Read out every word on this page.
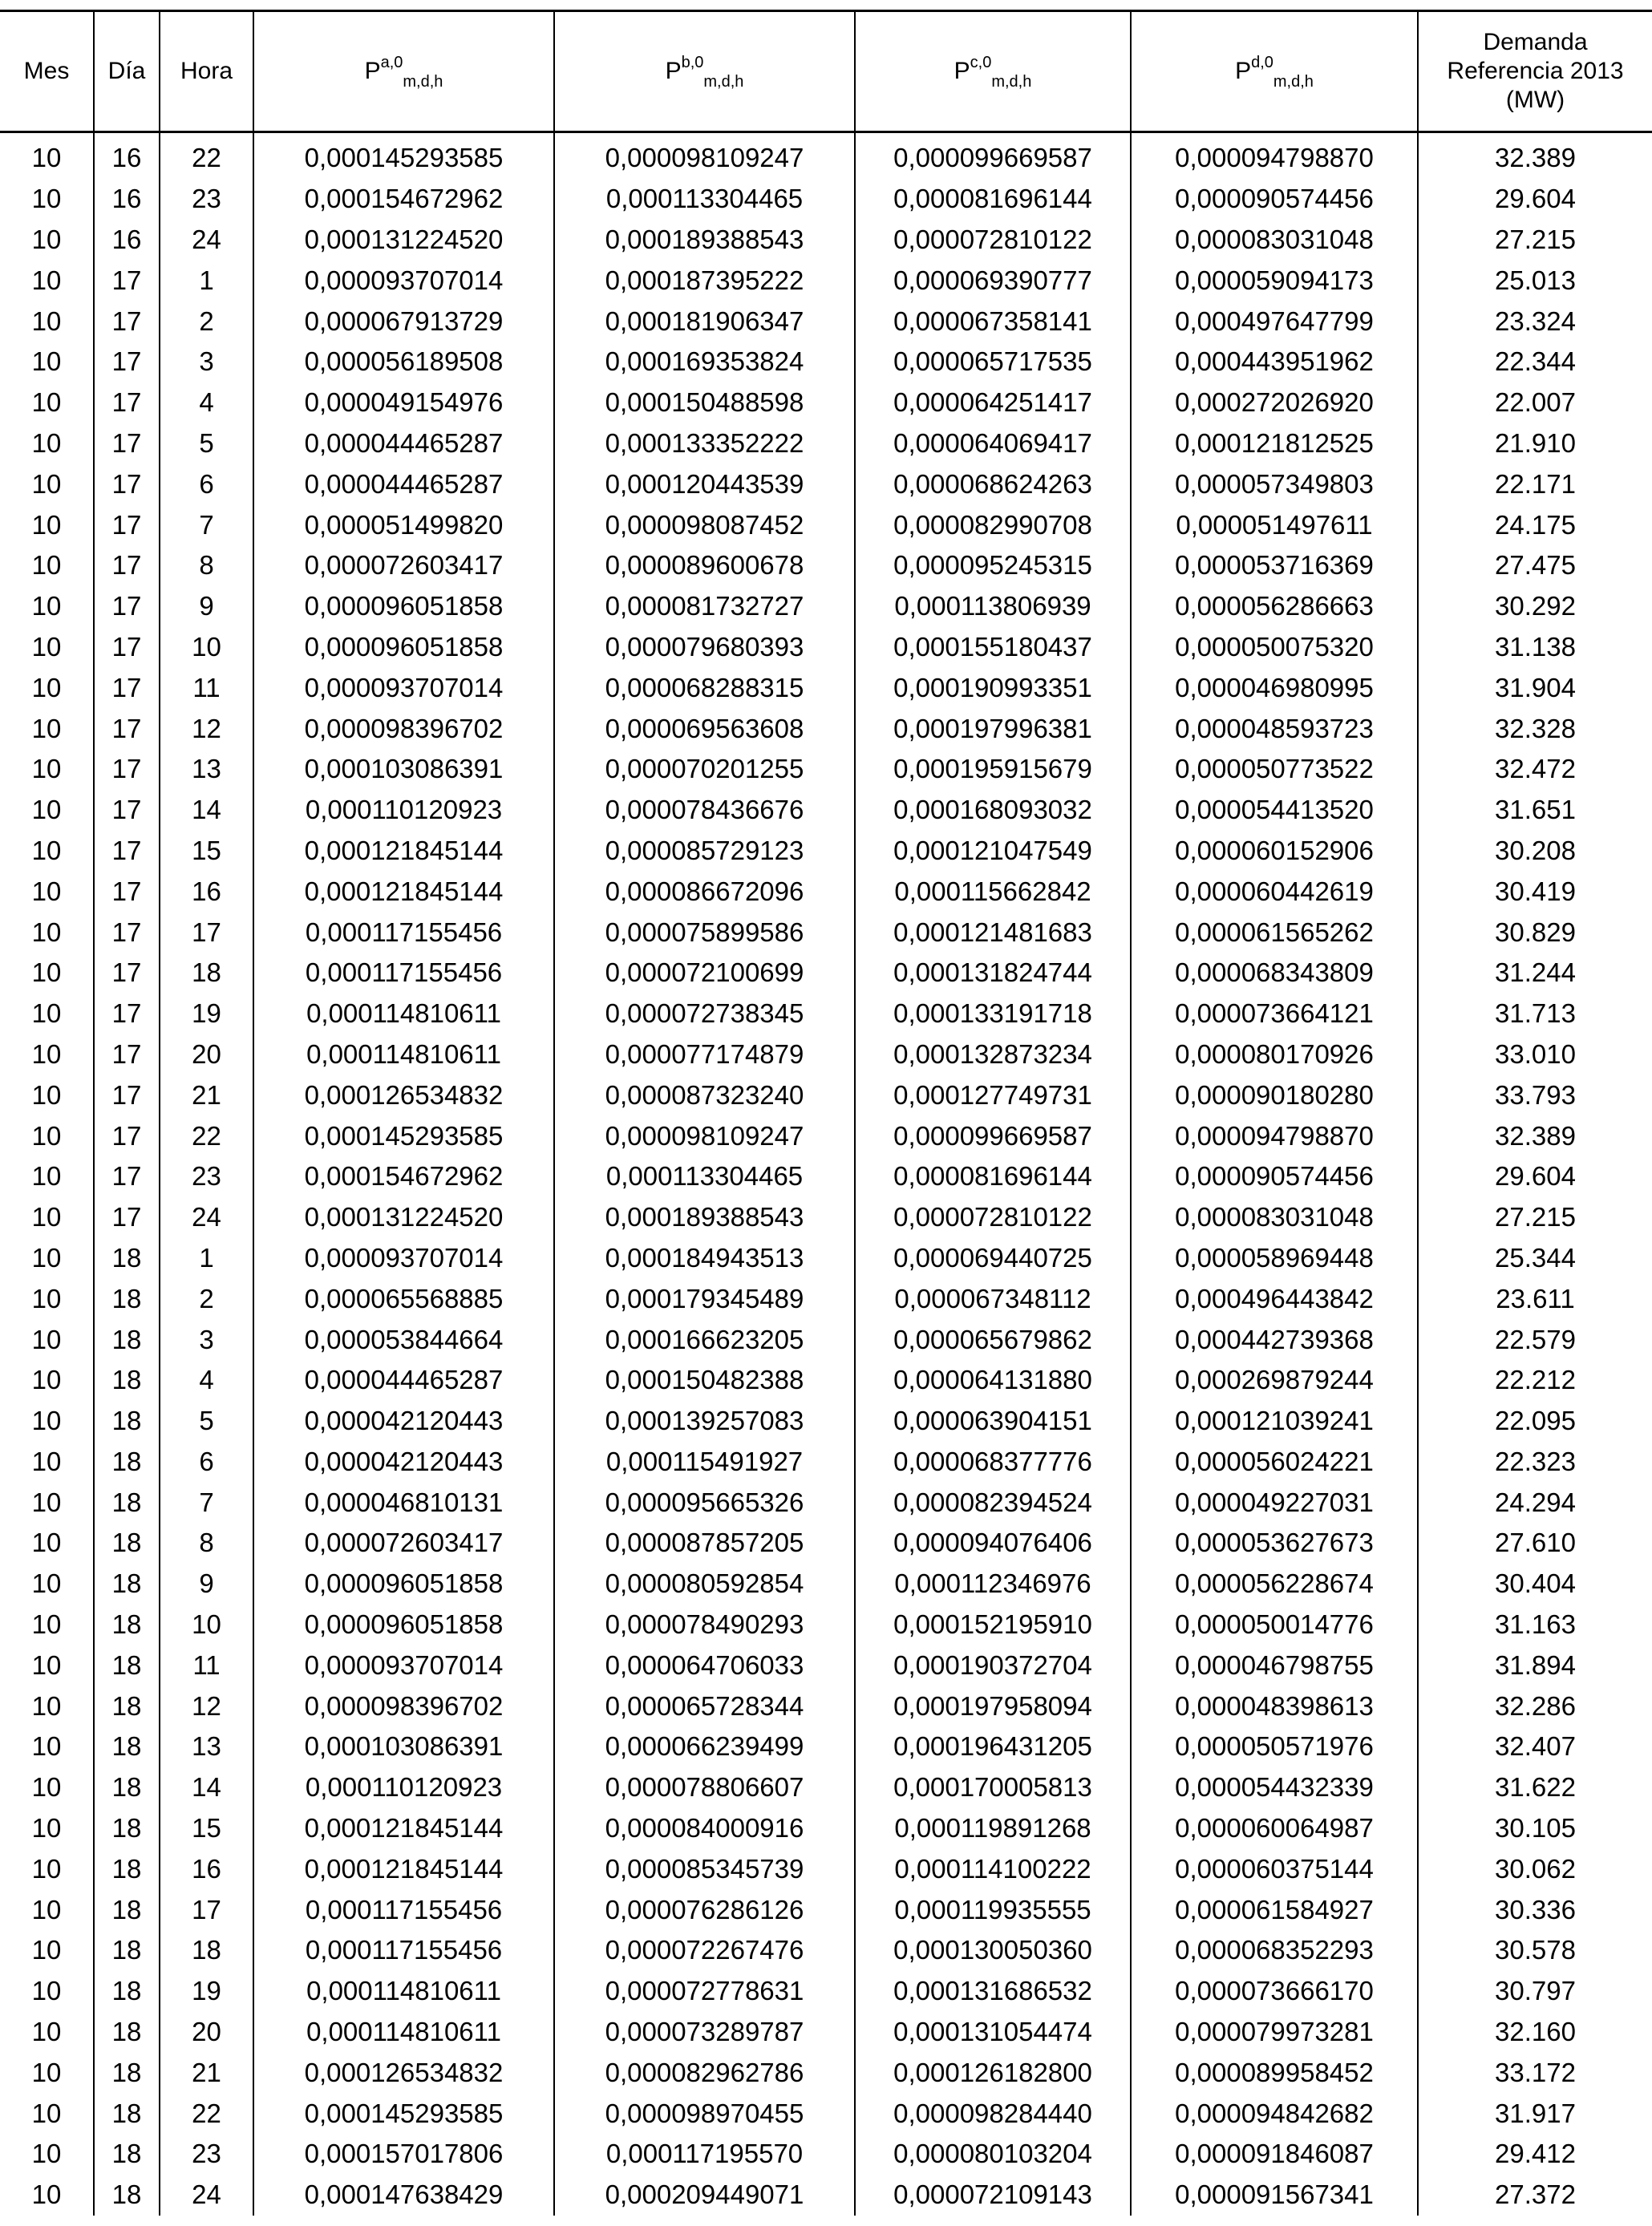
Mes	Día	Hora	P$^{a,0}_{m,d,h}$	P$^{b,0}_{m,d,h}$	P$^{c,0}_{m,d,h}$	P$^{d,0}_{m,d,h}$	Demanda
Referencia 2013
(MW)
10	16	22	0,000145293585	0,000098109247	0,000099669587	0,000094798870	32.389
10	16	23	0,000154672962	0,000113304465	0,000081696144	0,000090574456	29.604
10	16	24	0,000131224520	0,000189388543	0,000072810122	0,000083031048	27.215
10	17	1	0,000093707014	0,000187395222	0,000069390777	0,000059094173	25.013
10	17	2	0,000067913729	0,000181906347	0,000067358141	0,000497647799	23.324
10	17	3	0,000056189508	0,000169353824	0,000065717535	0,000443951962	22.344
10	17	4	0,000049154976	0,000150488598	0,000064251417	0,000272026920	22.007
10	17	5	0,000044465287	0,000133352222	0,000064069417	0,000121812525	21.910
10	17	6	0,000044465287	0,000120443539	0,000068624263	0,000057349803	22.171
10	17	7	0,000051499820	0,000098087452	0,000082990708	0,000051497611	24.175
10	17	8	0,000072603417	0,000089600678	0,000095245315	0,000053716369	27.475
10	17	9	0,000096051858	0,000081732727	0,000113806939	0,000056286663	30.292
10	17	10	0,000096051858	0,000079680393	0,000155180437	0,000050075320	31.138
10	17	11	0,000093707014	0,000068288315	0,000190993351	0,000046980995	31.904
10	17	12	0,000098396702	0,000069563608	0,000197996381	0,000048593723	32.328
10	17	13	0,000103086391	0,000070201255	0,000195915679	0,000050773522	32.472
10	17	14	0,000110120923	0,000078436676	0,000168093032	0,000054413520	31.651
10	17	15	0,000121845144	0,000085729123	0,000121047549	0,000060152906	30.208
10	17	16	0,000121845144	0,000086672096	0,000115662842	0,000060442619	30.419
10	17	17	0,000117155456	0,000075899586	0,000121481683	0,000061565262	30.829
10	17	18	0,000117155456	0,000072100699	0,000131824744	0,000068343809	31.244
10	17	19	0,000114810611	0,000072738345	0,000133191718	0,000073664121	31.713
10	17	20	0,000114810611	0,000077174879	0,000132873234	0,000080170926	33.010
10	17	21	0,000126534832	0,000087323240	0,000127749731	0,000090180280	33.793
10	17	22	0,000145293585	0,000098109247	0,000099669587	0,000094798870	32.389
10	17	23	0,000154672962	0,000113304465	0,000081696144	0,000090574456	29.604
10	17	24	0,000131224520	0,000189388543	0,000072810122	0,000083031048	27.215
10	18	1	0,000093707014	0,000184943513	0,000069440725	0,000058969448	25.344
10	18	2	0,000065568885	0,000179345489	0,000067348112	0,000496443842	23.611
10	18	3	0,000053844664	0,000166623205	0,000065679862	0,000442739368	22.579
10	18	4	0,000044465287	0,000150482388	0,000064131880	0,000269879244	22.212
10	18	5	0,000042120443	0,000139257083	0,000063904151	0,000121039241	22.095
10	18	6	0,000042120443	0,000115491927	0,000068377776	0,000056024221	22.323
10	18	7	0,000046810131	0,000095665326	0,000082394524	0,000049227031	24.294
10	18	8	0,000072603417	0,000087857205	0,000094076406	0,000053627673	27.610
10	18	9	0,000096051858	0,000080592854	0,000112346976	0,000056228674	30.404
10	18	10	0,000096051858	0,000078490293	0,000152195910	0,000050014776	31.163
10	18	11	0,000093707014	0,000064706033	0,000190372704	0,000046798755	31.894
10	18	12	0,000098396702	0,000065728344	0,000197958094	0,000048398613	32.286
10	18	13	0,000103086391	0,000066239499	0,000196431205	0,000050571976	32.407
10	18	14	0,000110120923	0,000078806607	0,000170005813	0,000054432339	31.622
10	18	15	0,000121845144	0,000084000916	0,000119891268	0,000060064987	30.105
10	18	16	0,000121845144	0,000085345739	0,000114100222	0,000060375144	30.062
10	18	17	0,000117155456	0,000076286126	0,000119935555	0,000061584927	30.336
10	18	18	0,000117155456	0,000072267476	0,000130050360	0,000068352293	30.578
10	18	19	0,000114810611	0,000072778631	0,000131686532	0,000073666170	30.797
10	18	20	0,000114810611	0,000073289787	0,000131054474	0,000079973281	32.160
10	18	21	0,000126534832	0,000082962786	0,000126182800	0,000089958452	33.172
10	18	22	0,000145293585	0,000098970455	0,000098284440	0,000094842682	31.917
10	18	23	0,000157017806	0,000117195570	0,000080103204	0,000091846087	29.412
10	18	24	0,000147638429	0,000209449071	0,000072109143	0,000091567341	27.372
